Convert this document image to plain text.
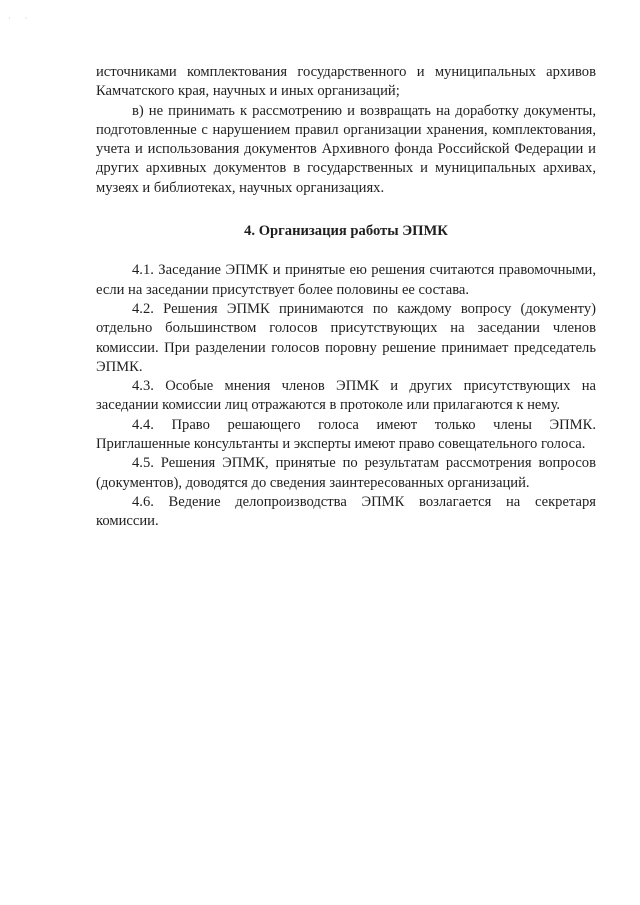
· ·

источниками комплектования государственного и муниципальных архивов Камчатского края, научных и иных организаций;

в) не принимать к рассмотрению и возвращать на доработку документы, подготовленные с нарушением правил организации хранения, комплектования, учета и использования документов Архивного фонда Российской Федерации и других архивных документов в государственных и муниципальных архивах, музеях и библиотеках, научных организациях.

4. Организация работы ЭПМК

4.1. Заседание ЭПМК и принятые ею решения считаются правомочными, если на заседании присутствует более половины ее состава.

4.2. Решения ЭПМК принимаются по каждому вопросу (документу) отдельно большинством голосов присутствующих на заседании членов комиссии. При разделении голосов поровну решение принимает председатель ЭПМК.

4.3. Особые мнения членов ЭПМК и других присутствующих на заседании комиссии лиц отражаются в протоколе или прилагаются к нему.

4.4. Право решающего голоса имеют только члены ЭПМК. Приглашенные консультанты и эксперты имеют право совещательного голоса.

4.5. Решения ЭПМК, принятые по результатам рассмотрения вопросов (документов), доводятся до сведения заинтересованных организаций.

4.6. Ведение делопроизводства ЭПМК возлагается на секретаря комиссии.
